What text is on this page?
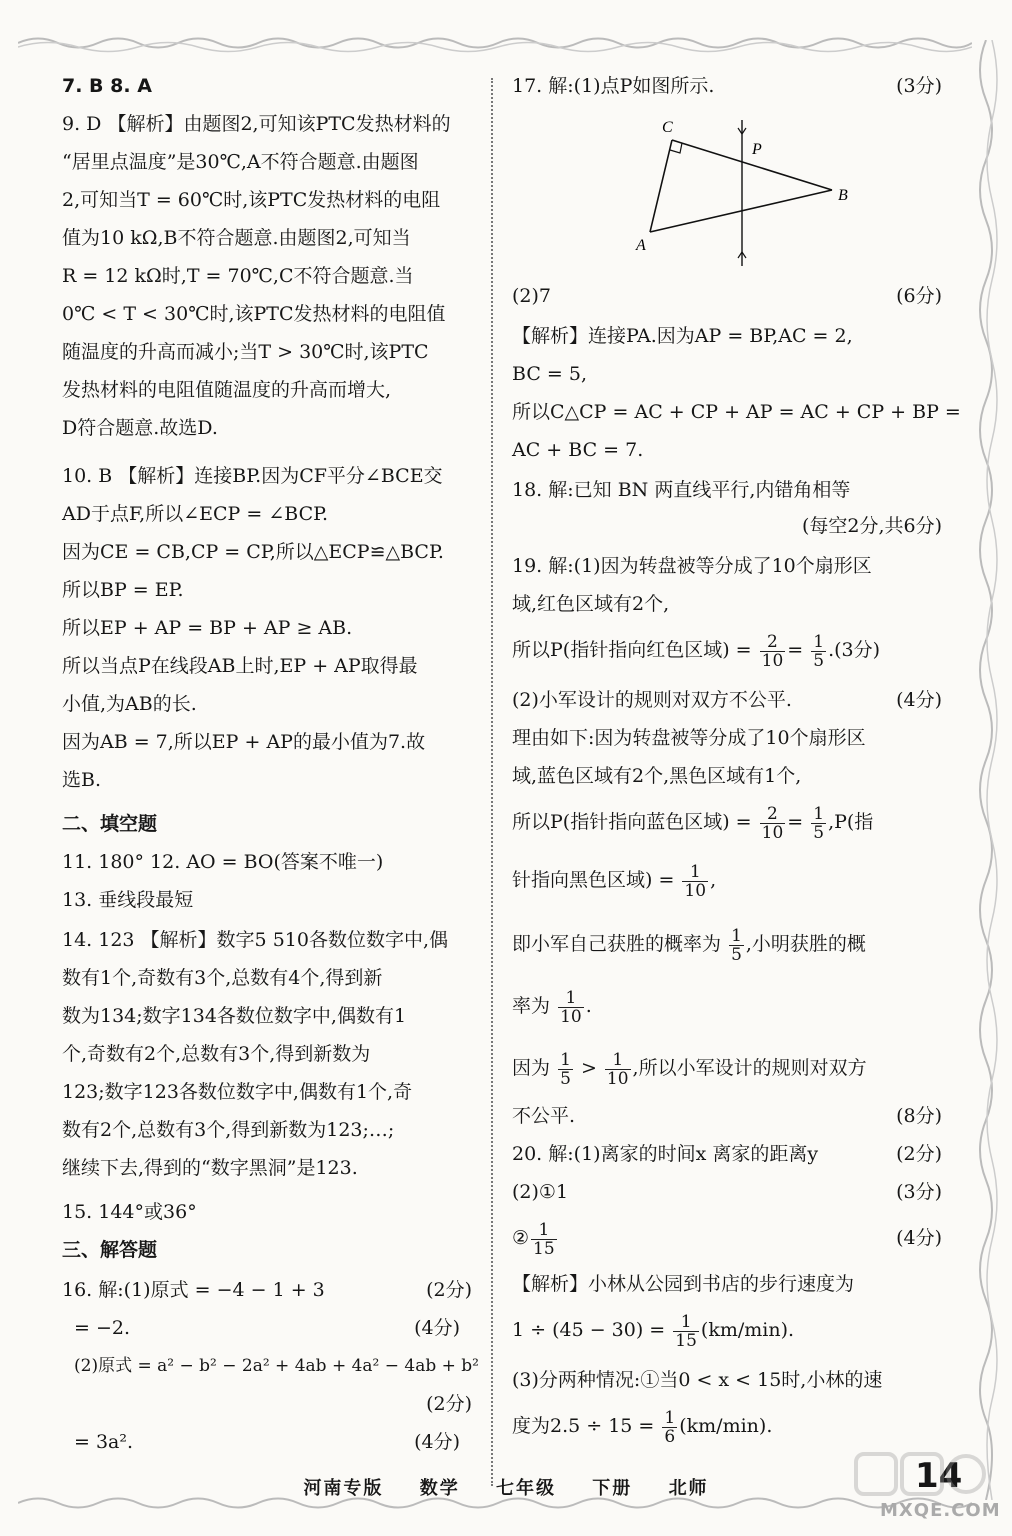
7. B 8. A
9. D 【解析】由题图2,可知该PTC发热材料的
“居里点温度”是30℃,A不符合题意.由题图
2,可知当T = 60℃时,该PTC发热材料的电阻
值为10 kΩ,B不符合题意.由题图2,可知当
R = 12 kΩ时,T = 70℃,C不符合题意.当
0℃ < T < 30℃时,该PTC发热材料的电阻值
随温度的升高而减小;当T > 30℃时,该PTC
发热材料的电阻值随温度的升高而增大,
D符合题意.故选D.
10. B 【解析】连接BP.因为CF平分∠BCE交
AD于点F,所以∠ECP = ∠BCP.
因为CE = CB,CP = CP,所以△ECP≌△BCP.
所以BP = EP.
所以EP + AP = BP + AP ≥ AB.
所以当点P在线段AB上时,EP + AP取得最
小值,为AB的长.
因为AB = 7,所以EP + AP的最小值为7.故
选B.
二、填空题
11. 180° 12. AO = BO(答案不唯一)
13. 垂线段最短
14. 123 【解析】数字5 510各数位数字中,偶
数有1个,奇数有3个,总数有4个,得到新
数为134;数字134各数位数字中,偶数有1
个,奇数有2个,总数有3个,得到新数为
123;数字123各数位数字中,偶数有1个,奇
数有2个,总数有3个,得到新数为123;…;
继续下去,得到的“数字黑洞”是123.
15. 144°或36°
三、解答题
16. 解:(1)原式 = −4 − 1 + 3	(2分)
= −2.	(4分)
(2)原式 = a² − b² − 2a² + 4ab + 4a² − 4ab + b²
(2分)
= 3a².	(4分)
17. 解:(1)点P如图所示.	(3分)
C
P
A
B
(2)7	(6分)
【解析】连接PA.因为AP = BP,AC = 2,
BC = 5,
所以C△CP = AC + CP + AP = AC + CP + BP =
AC + BC = 7.
18. 解:已知 BN 两直线平行,内错角相等
(每空2分,共6分)
19. 解:(1)因为转盘被等分成了10个扇形区
域,红色区域有2个,
所以P(指针指向红色区域) = $\frac{2}{10} = \frac{1}{5} .(3$分)
(2)小军设计的规则对双方不公平.	(4分)
理由如下:因为转盘被等分成了10个扇形区
域,蓝色区域有2个,黑色区域有1个,
所以P(指针指向蓝色区域) = $\frac{2}{10} = \frac{1}{5} ,P$(指
针指向黑色区域) = $\frac{1}{10}$ ,
即小军自己获胜的概率为 $\frac{1}{5}$ ,小明获胜的概
率为 $\frac{1}{10}$ .
因为 $\frac{1}{5} > \frac{1}{10}$ ,所以小军设计的规则对双方
不公平.	(8分)
20. 解:(1)离家的时间x 离家的距离y	(2分)
(2)①1	(3分)
② $\frac{1}{15}$	(4分)
【解析】小林从公园到书店的步行速度为
$1 \div (45 - 30) = \frac{1}{15} (km/\min)$.
(3)分两种情况:①当0 < x < 15时,小林的速
度为$2.5 \div 15 = \frac{1}{6} (km/\min)$.
河南专版 数学 七年级 下册 北师	14
MXQE.COM
